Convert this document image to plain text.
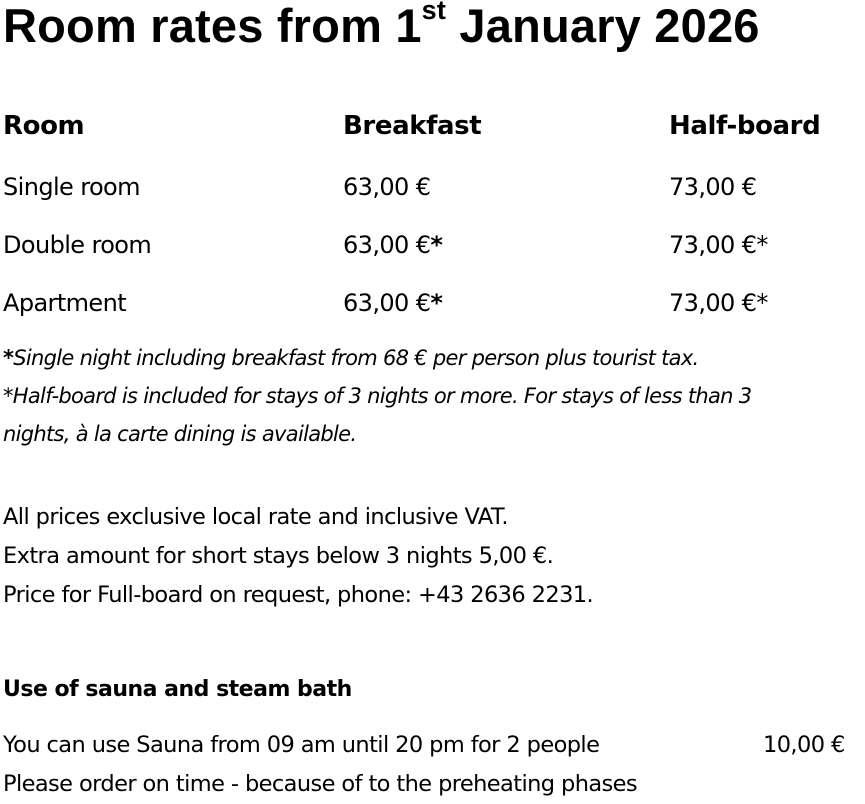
Room rates from 1st January 2026
Room	Breakfast	Half-board
Single room	63,00 €	73,00 €
Double room	63,00 €*	73,00 €*
Apartment	63,00 €*	73,00 €*
*Single night including breakfast from 68 € per person plus tourist tax.
*Half-board is included for stays of 3 nights or more. For stays of less than 3
nights, à la carte dining is available.
All prices exclusive local rate and inclusive VAT.
Extra amount for short stays below 3 nights 5,00 €.
Price for Full-board on request, phone: +43 2636 2231.
Use of sauna and steam bath
You can use Sauna from 09 am until 20 pm for 2 people	10,00 €
Please order on time - because of to the preheating phases
